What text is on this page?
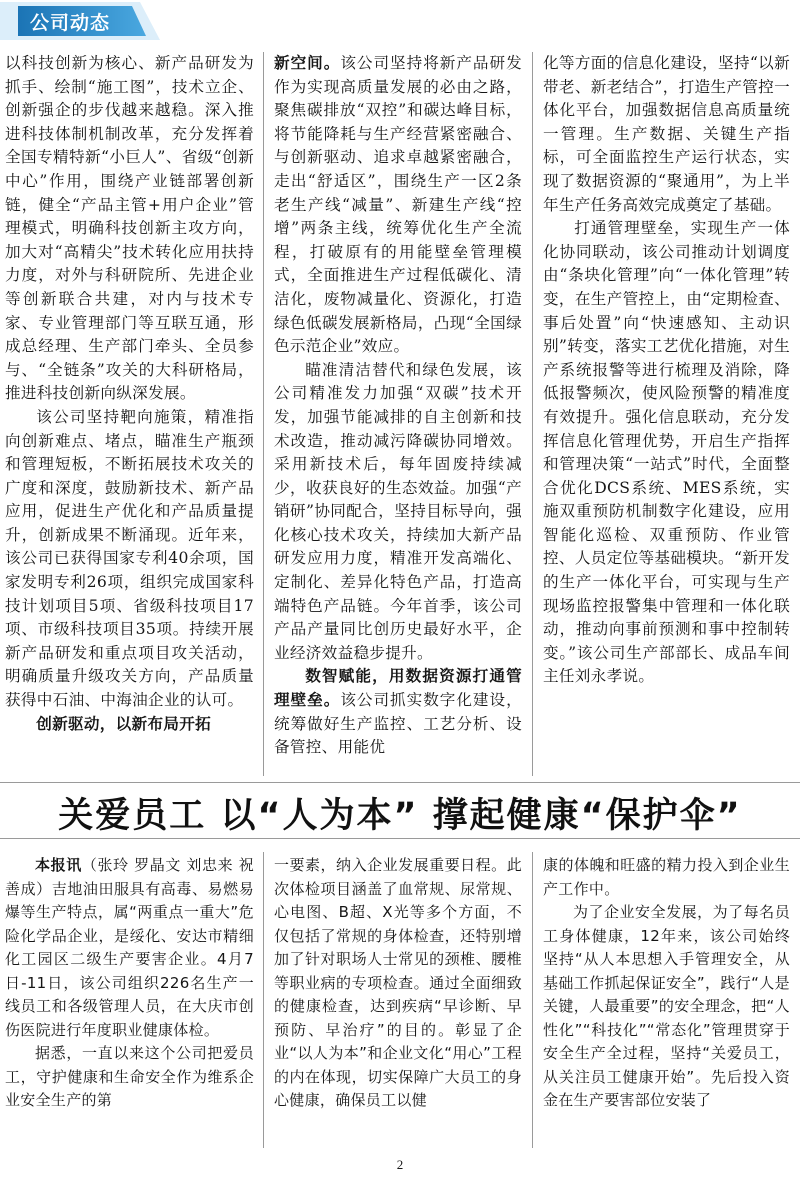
公司动态

以科技创新为核心、新产品研发为抓手、绘制“施工图”，技术立企、创新强企的步伐越来越稳。深入推进科技体制机制改革，充分发挥着全国专精特新“小巨人”、省级“创新中心”作用，围绕产业链部署创新链，健全“产品主管+用户企业”管理模式，明确科技创新主攻方向，加大对“高精尖”技术转化应用扶持力度，对外与科研院所、先进企业等创新联合共建，对内与技术专家、专业管理部门等互联互通，形成总经理、生产部门牵头、全员参与、“全链条”攻关的大科研格局，推进科技创新向纵深发展。

该公司坚持靶向施策，精准指向创新难点、堵点，瞄准生产瓶颈和管理短板，不断拓展技术攻关的广度和深度，鼓励新技术、新产品应用，促进生产优化和产品质量提升，创新成果不断涌现。近年来，该公司已获得国家专利40余项，国家发明专利26项，组织完成国家科技计划项目5项、省级科技项目17项、市级科技项目35项。持续开展新产品研发和重点项目攻关活动，明确质量升级攻关方向，产品质量获得中石油、中海油企业的认可。

创新驱动，以新布局开拓

新空间。该公司坚持将新产品研发作为实现高质量发展的必由之路，聚焦碳排放“双控”和碳达峰目标，将节能降耗与生产经营紧密融合、与创新驱动、追求卓越紧密融合，走出“舒适区”，围绕生产一区2条老生产线“减量”、新建生产线“控增”两条主线，统筹优化生产全流程，打破原有的用能壁垒管理模式，全面推进生产过程低碳化、清洁化，废物减量化、资源化，打造绿色低碳发展新格局，凸现“全国绿色示范企业”效应。

瞄准清洁替代和绿色发展，该公司精准发力加强“双碳”技术开发，加强节能减排的自主创新和技术改造，推动减污降碳协同增效。采用新技术后，每年固废持续减少，收获良好的生态效益。加强“产销研”协同配合，坚持目标导向，强化核心技术攻关，持续加大新产品研发应用力度，精准开发高端化、定制化、差异化特色产品，打造高端特色产品链。今年首季，该公司产品产量同比创历史最好水平，企业经济效益稳步提升。

数智赋能，用数据资源打通管理壁垒。该公司抓实数字化建设，统筹做好生产监控、工艺分析、设备管控、用能优

化等方面的信息化建设，坚持“以新带老、新老结合”，打造生产管控一体化平台，加强数据信息高质量统一管理。生产数据、关键生产指标，可全面监控生产运行状态，实现了数据资源的“聚通用”，为上半年生产任务高效完成奠定了基础。

打通管理壁垒，实现生产一体化协同联动，该公司推动计划调度由“条块化管理”向“一体化管理”转变，在生产管控上，由“定期检查、事后处置”向“快速感知、主动识别”转变，落实工艺优化措施，对生产系统报警等进行梳理及消除，降低报警频次，使风险预警的精准度有效提升。强化信息联动，充分发挥信息化管理优势，开启生产指挥和管理决策“一站式”时代，全面整合优化DCS系统、MES系统，实施双重预防机制数字化建设，应用智能化巡检、双重预防、作业管控、人员定位等基础模块。“新开发的生产一体化平台，可实现与生产现场监控报警集中管理和一体化联动，推动向事前预测和事中控制转变。”该公司生产部部长、成品车间主任刘永孝说。

关爱员工 以“人为本” 撑起健康“保护伞”

本报讯（张玲 罗晶文 刘忠来 祝善成）吉地油田服具有高毒、易燃易爆等生产特点，属“两重点一重大”危险化学品企业，是绥化、安达市精细化工园区二级生产要害企业。4月7日-11日，该公司组织226名生产一线员工和各级管理人员，在大庆市创伤医院进行年度职业健康体检。

据悉，一直以来这个公司把爱员工，守护健康和生命安全作为维系企业安全生产的第

一要素，纳入企业发展重要日程。此次体检项目涵盖了血常规、尿常规、心电图、B超、X光等多个方面，不仅包括了常规的身体检查，还特别增加了针对职场人士常见的颈椎、腰椎等职业病的专项检查。通过全面细致的健康检查，达到疾病“早诊断、早预防、早治疗”的目的。彰显了企业“以人为本”和企业文化“用心”工程的内在体现，切实保障广大员工的身心健康，确保员工以健

康的体魄和旺盛的精力投入到企业生产工作中。

为了企业安全发展，为了每名员工身体健康，12年来，该公司始终坚持“从人本思想入手管理安全，从基础工作抓起保证安全”，践行“人是关键，人最重要”的安全理念，把“人性化”“科技化”“常态化”管理贯穿于安全生产全过程，坚持“关爱员工，从关注员工健康开始”。先后投入资金在生产要害部位安装了

2
